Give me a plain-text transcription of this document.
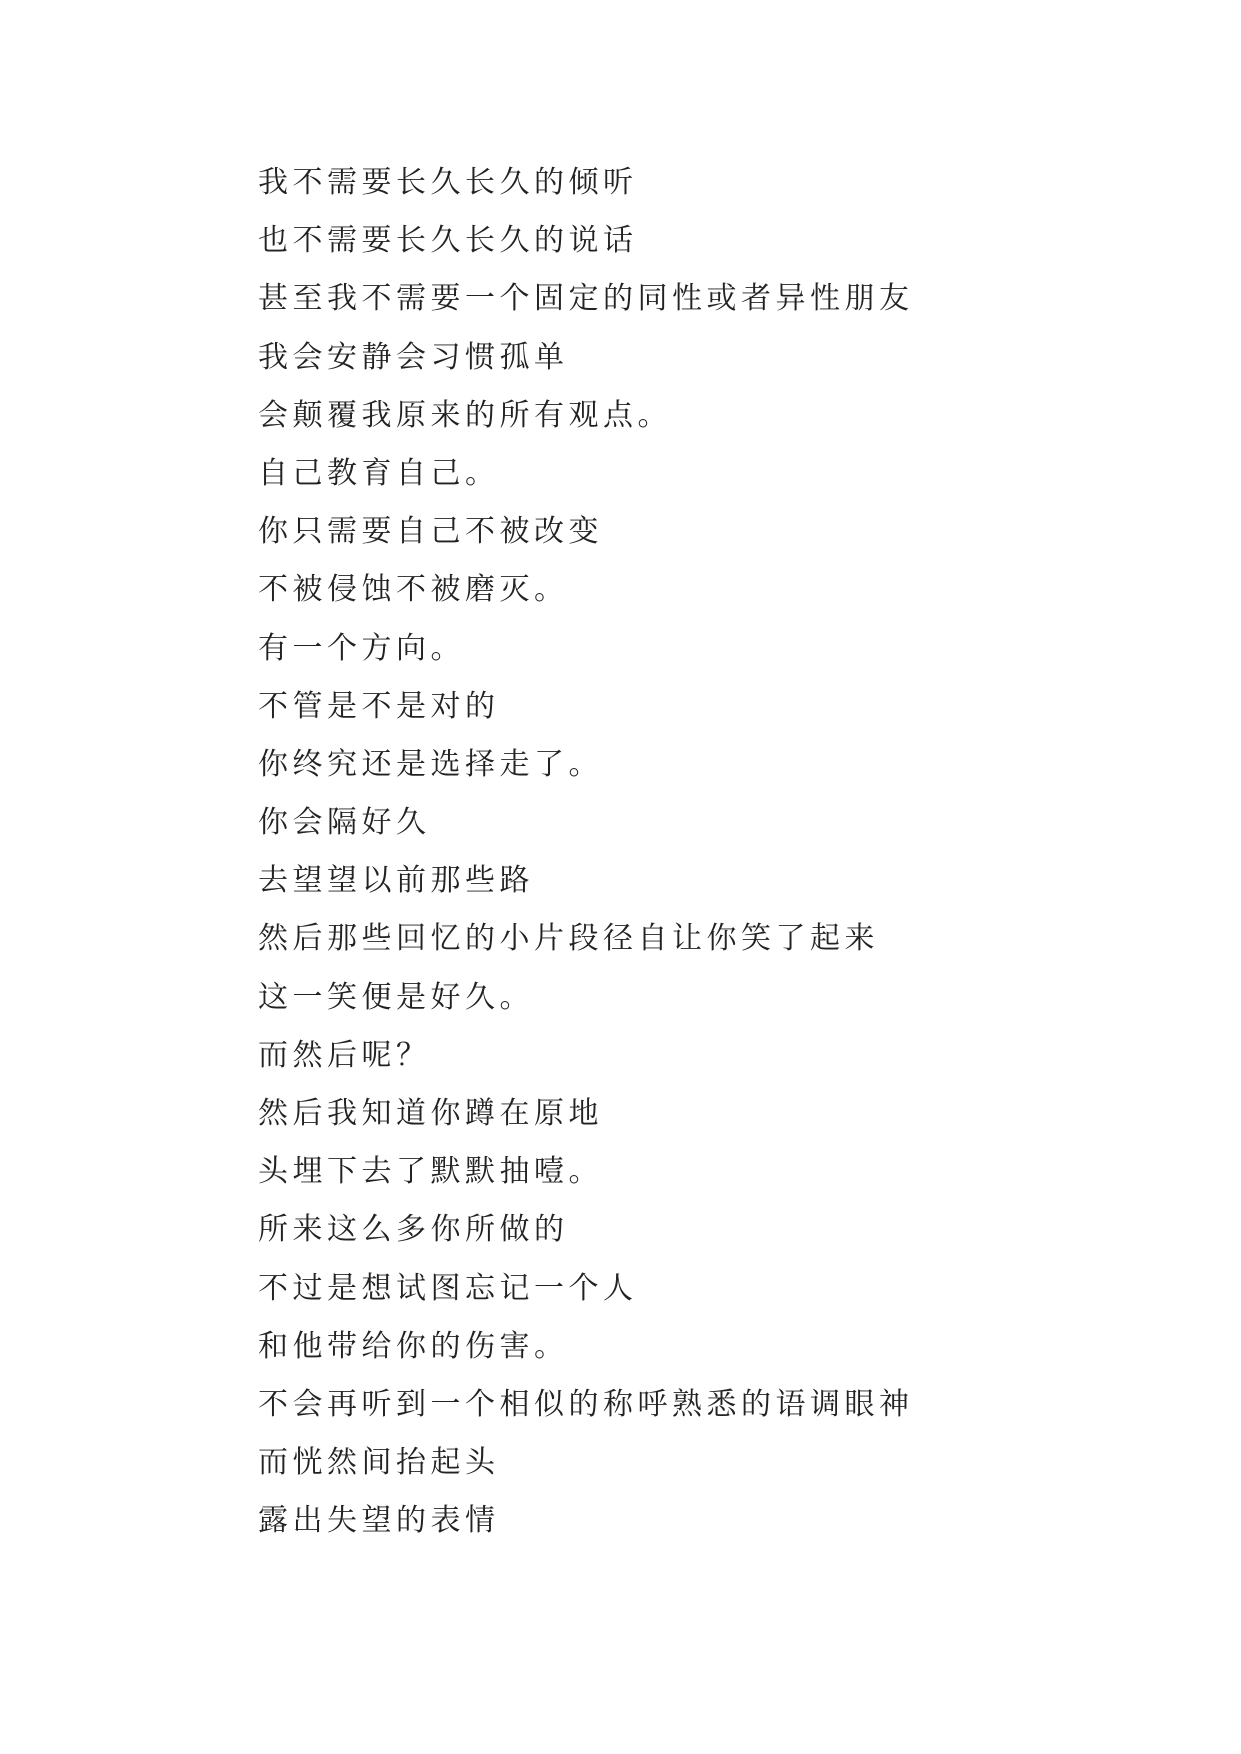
我不需要长久长久的倾听
也不需要长久长久的说话
甚至我不需要一个固定的同性或者异性朋友
我会安静会习惯孤单
会颠覆我原来的所有观点。
自己教育自己。
你只需要自己不被改变
不被侵蚀不被磨灭。
有一个方向。
不管是不是对的
你终究还是选择走了。
你会隔好久
去望望以前那些路
然后那些回忆的小片段径自让你笑了起来
这一笑便是好久。
而然后呢？
然后我知道你蹲在原地
头埋下去了默默抽噎。
所来这么多你所做的
不过是想试图忘记一个人
和他带给你的伤害。
不会再听到一个相似的称呼熟悉的语调眼神
而恍然间抬起头
露出失望的表情
